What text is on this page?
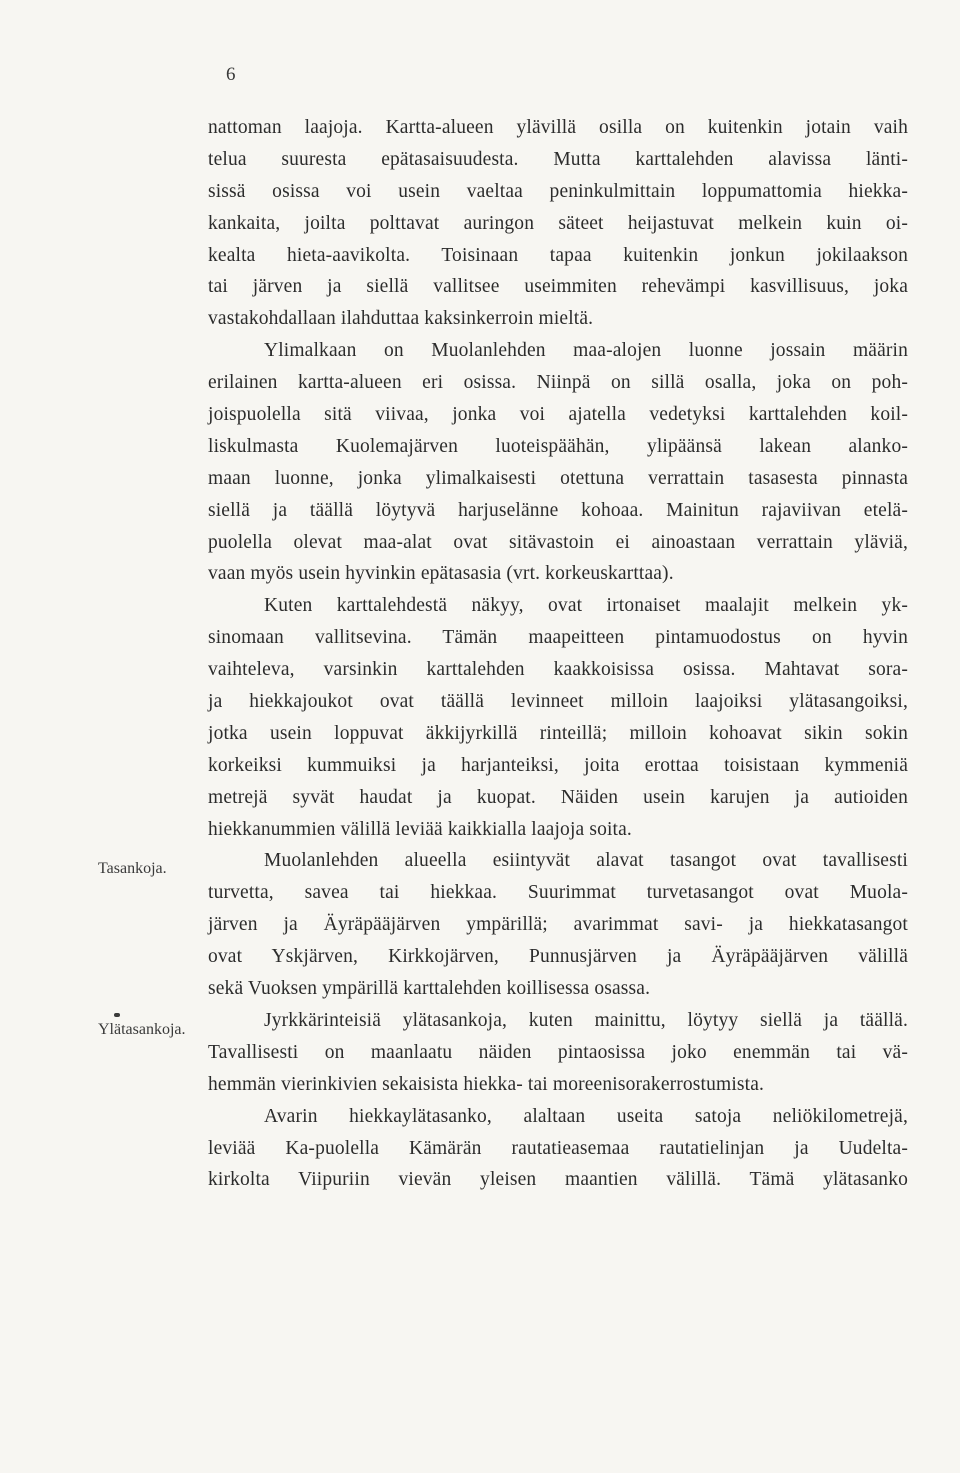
6
Tasankoja.
Ylätasankoja.
nattoman laajoja. Kartta-alueen ylävillä osilla on kuitenkin jotain vaih
telua suuresta epätasaisuudesta. Mutta karttalehden alavissa länti-
sissä osissa voi usein vaeltaa peninkulmittain loppumattomia hiekka-
kankaita, joilta polttavat auringon säteet heijastuvat melkein kuin oi-
kealta hieta-aavikolta. Toisinaan tapaa kuitenkin jonkun jokilaakson
tai järven ja siellä vallitsee useimmiten rehevämpi kasvillisuus, joka
vastakohdallaan ilahduttaa kaksinkerroin mieltä.
Ylimalkaan on Muolanlehden maa-alojen luonne jossain määrin
erilainen kartta-alueen eri osissa. Niinpä on sillä osalla, joka on poh-
joispuolella sitä viivaa, jonka voi ajatella vedetyksi karttalehden koil-
liskulmasta Kuolemajärven luoteispäähän, ylipäänsä lakean alanko-
maan luonne, jonka ylimalkaisesti otettuna verrattain tasasesta pinnasta
siellä ja täällä löytyvä harjuselänne kohoaa. Mainitun rajaviivan etelä-
puolella olevat maa-alat ovat sitävastoin ei ainoastaan verrattain yläviä,
vaan myös usein hyvinkin epätasasia (vrt. korkeuskarttaa).
Kuten karttalehdestä näkyy, ovat irtonaiset maalajit melkein yk-
sinomaan vallitsevina. Tämän maapeitteen pintamuodostus on hyvin
vaihteleva, varsinkin karttalehden kaakkoisissa osissa. Mahtavat sora-
ja hiekkajoukot ovat täällä levinneet milloin laajoiksi ylätasangoiksi,
jotka usein loppuvat äkkijyrkillä rinteillä; milloin kohoavat sikin sokin
korkeiksi kummuiksi ja harjanteiksi, joita erottaa toisistaan kymmeniä
metrejä syvät haudat ja kuopat. Näiden usein karujen ja autioiden
hiekkanummien välillä leviää kaikkialla laajoja soita.
Muolanlehden alueella esiintyvät alavat tasangot ovat tavallisesti
turvetta, savea tai hiekkaa. Suurimmat turvetasangot ovat Muola-
järven ja Äyräpääjärven ympärillä; avarimmat savi- ja hiekkatasangot
ovat Yskjärven, Kirkkojärven, Punnusjärven ja Äyräpääjärven välillä
sekä Vuoksen ympärillä karttalehden koillisessa osassa.
Jyrkkärinteisiä ylätasankoja, kuten mainittu, löytyy siellä ja täällä.
Tavallisesti on maanlaatu näiden pintaosissa joko enemmän tai vä-
hemmän vierinkivien sekaisista hiekka- tai moreenisorakerrostumista.
Avarin hiekkaylätasanko, alaltaan useita satoja neliökilometrejä,
leviää Ka-puolella Kämärän rautatieasemaa rautatielinjan ja Uudelta-
kirkolta Viipuriin vievän yleisen maantien välillä. Tämä ylätasanko
